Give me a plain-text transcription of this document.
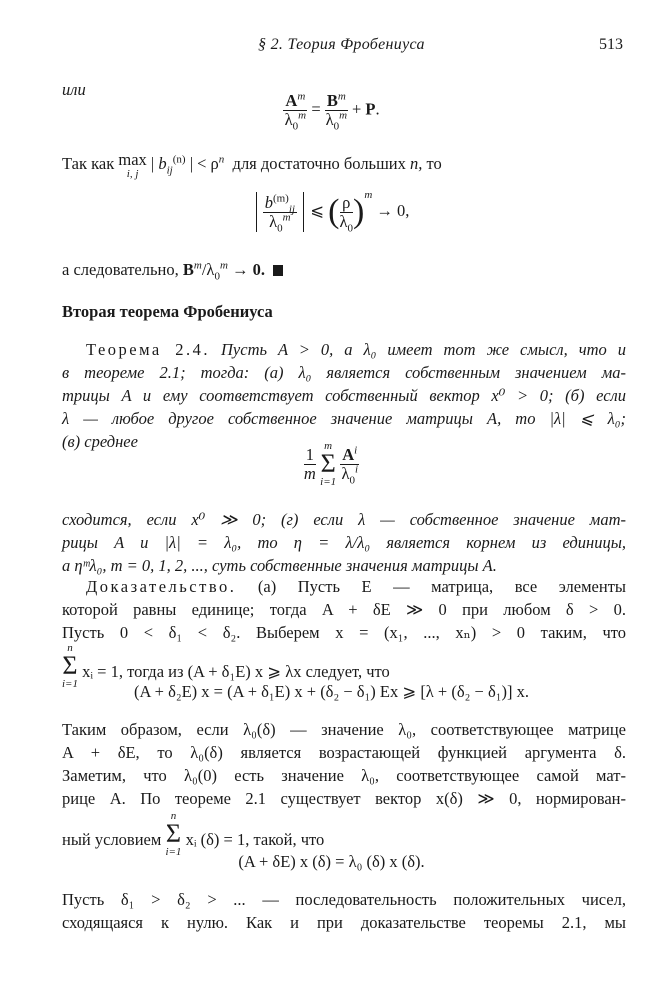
§ 2. Теория Фробениуса	513
или
$\frac{A^m}{\lambda_0^m} = \frac{B^m}{\lambda_0^m} + P$.
Так как max
i, j
| $b_{ij}^{(n)}$ | < $\rho^n$ для достаточно больших n, то

$\frac{b^{(m)}_{ij}}{\lambda_0^m}$ ⩽ ( $\frac{\rho}{\lambda_0} )^m \to 0$,
а следовательно, $B^m/\lambda_0^m \to 0$.
Вторая теорема Фробениуса
Теорема 2.4. Пусть A > 0, а λ₀ имеет тот же смысл, что и
в теореме 2.1; тогда: (a) λ₀ является собственным значением ма-
трицы A и ему соответствует собственный вектор x⁰ > 0; (б) если
λ — любое другое собственное значение матрицы A, то |λ| ⩽ λ₀;
(в) среднее
$\frac{1}{m}$
m
Σ
i=1
$\frac{A^i}{\lambda_0^i}$
сходится, если x⁰ ≫ 0; (г) если λ — собственное значение мат-
рицы A и |λ| = λ₀, то η = λ/λ₀ является корнем из единицы,
а ηᵐλ₀, m = 0, 1, 2, ..., суть собственные значения матрицы A.
Доказательство. (a) Пусть E — матрица, все элементы
которой равны единице; тогда A + δE ≫ 0 при любом δ > 0.
Пусть 0 < δ₁ < δ₂. Выберем x = (x₁, ..., xₙ) > 0 таким, что
n
Σ
i=1
xᵢ = 1, тогда из (A + δ₁E) x ⩾ λx следует, что
(A + δ₂E) x = (A + δ₁E) x + (δ₂ − δ₁) Ex ⩾ [λ + (δ₂ − δ₁)] x.
Таким образом, если λ₀(δ) — значение λ₀, соответствующее матрице
A + δE, то λ₀(δ) является возрастающей функцией аргумента δ.
Заметим, что λ₀(0) есть значение λ₀, соответствующее самой мат-
рице A. По теореме 2.1 существует вектор x(δ) ≫ 0, нормирован-
ный условием
n
Σ
i=1
xᵢ (δ) = 1, такой, что
(A + δE) x (δ) = λ₀ (δ) x (δ).
Пусть δ₁ > δ₂ > ... — последовательность положительных чисел,
сходящаяся к нулю. Как и при доказательстве теоремы 2.1, мы
